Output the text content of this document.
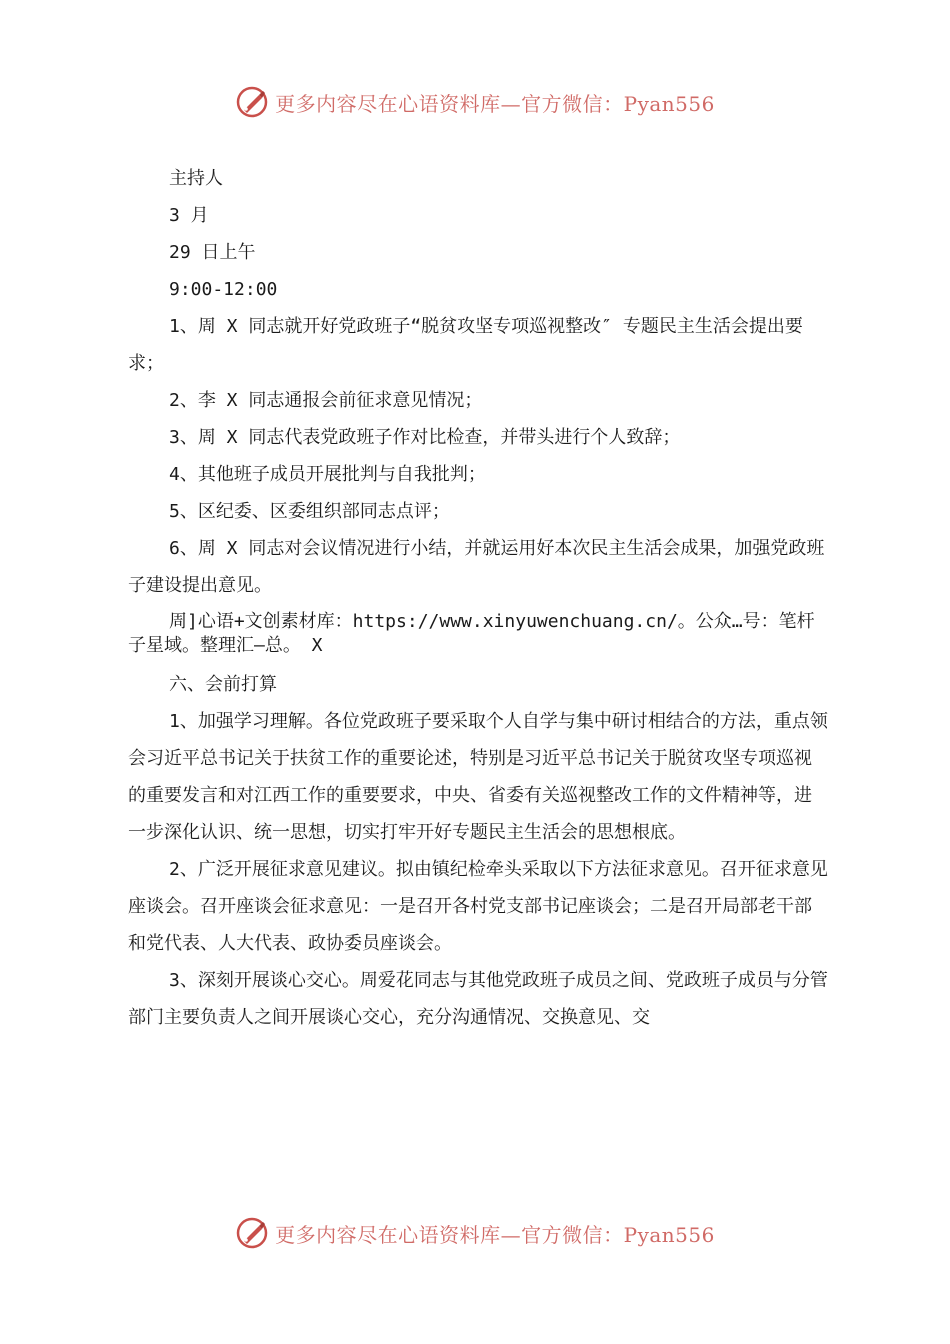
更多内容尽在心语资料库—官方微信：Pyan556

主持人

3 月

29 日上午

9:00-12:00

1、周 X 同志就开好党政班子“脱贫攻坚专项巡视整改″ 专题民主生活会提出要求；

2、李 X 同志通报会前征求意见情况；

3、周 X 同志代表党政班子作对比检查，并带头进行个人致辞；

4、其他班子成员开展批判与自我批判；

5、区纪委、区委组织部同志点评；

6、周 X 同志对会议情况进行小结，并就运用好本次民主生活会成果，加强党政班子建设提出意见。

周]心语+文创素材库：https://www.xinyuwenchuang.cn/。公众…号：笔杆子星域。整理汇—总。 X

六、会前打算

1、加强学习理解。各位党政班子要采取个人自学与集中研讨相结合的方法，重点领会习近平总书记关于扶贫工作的重要论述，特别是习近平总书记关于脱贫攻坚专项巡视的重要发言和对江西工作的重要要求，中央、省委有关巡视整改工作的文件精神等，进一步深化认识、统一思想，切实打牢开好专题民主生活会的思想根底。

2、广泛开展征求意见建议。拟由镇纪检牵头采取以下方法征求意见。召开征求意见座谈会。召开座谈会征求意见：一是召开各村党支部书记座谈会；二是召开局部老干部和党代表、人大代表、政协委员座谈会。

3、深刻开展谈心交心。周爱花同志与其他党政班子成员之间、党政班子成员与分管部门主要负责人之间开展谈心交心，充分沟通情况、交换意见、交

更多内容尽在心语资料库—官方微信：Pyan556
